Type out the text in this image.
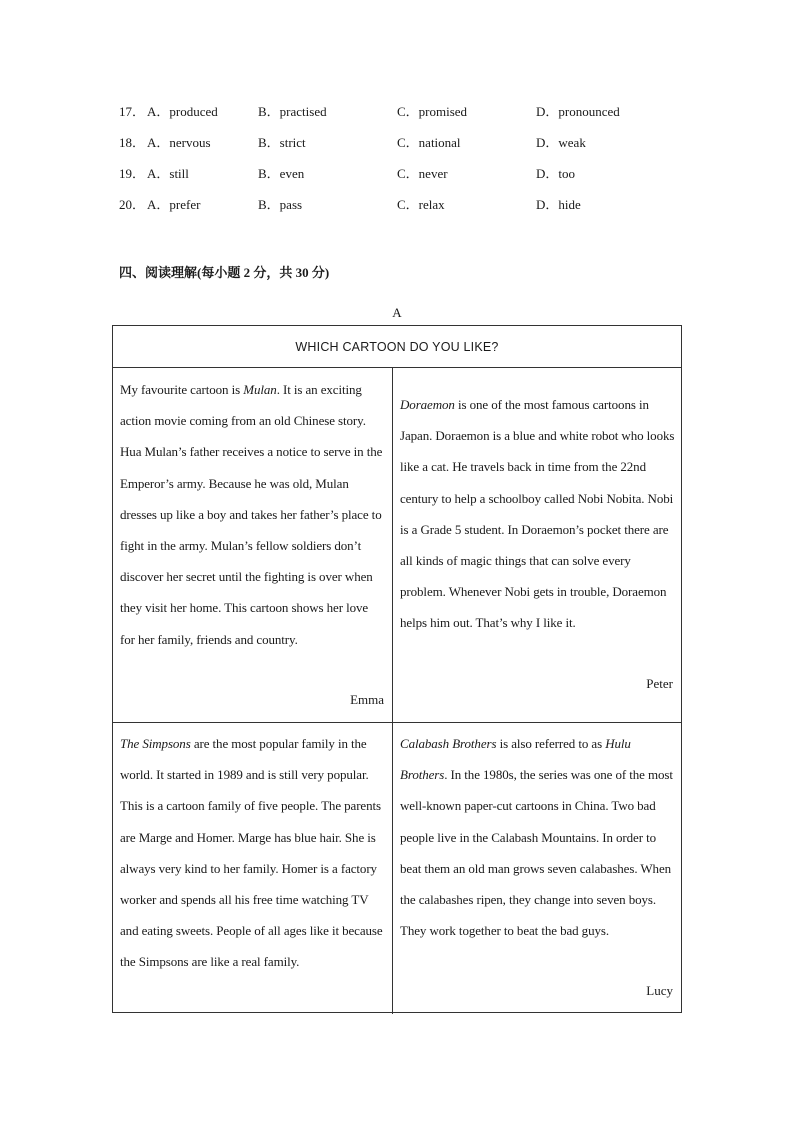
17． A．produced	B．practised	C．promised	D．pronounced
18． A．nervous	B．strict	C．national	D．weak
19． A．still	B．even	C．never	D．too
20． A．prefer	B．pass	C．relax	D．hide
四、阅读理解(每小题 2 分，共 30 分)
A
WHICH CARTOON DO YOU LIKE?

My favourite cartoon is Mulan. It is an exciting action movie coming from an old Chinese story. Hua Mulan’s father receives a notice to serve in the Emperor’s army. Because he was old, Mulan dresses up like a boy and takes her father’s place to fight in the army. Mulan’s fellow soldiers don’t discover her secret until the fighting is over when they visit her home. This cartoon shows her love for her family, friends and country.

Emma

Doraemon is one of the most famous cartoons in Japan. Doraemon is a blue and white robot who looks like a cat. He travels back in time from the 22nd century to help a schoolboy called Nobi Nobita. Nobi is a Grade 5 student. In Doraemon’s pocket there are all kinds of magic things that can solve every problem. Whenever Nobi gets in trouble, Doraemon helps him out. That’s why I like it.

Peter

The Simpsons are the most popular family in the world. It started in 1989 and is still very popular. This is a cartoon family of five people. The parents are Marge and Homer. Marge has blue hair. She is always very kind to her family. Homer is a factory worker and spends all his free time watching TV and eating sweets. People of all ages like it because the Simpsons are like a real family.

Calabash Brothers is also referred to as Hulu Brothers. In the 1980s, the series was one of the most well-known paper-cut cartoons in China. Two bad people live in the Calabash Mountains. In order to beat them an old man grows seven calabashes. When the calabashes ripen, they change into seven boys. They work together to beat the bad guys.

Lucy
